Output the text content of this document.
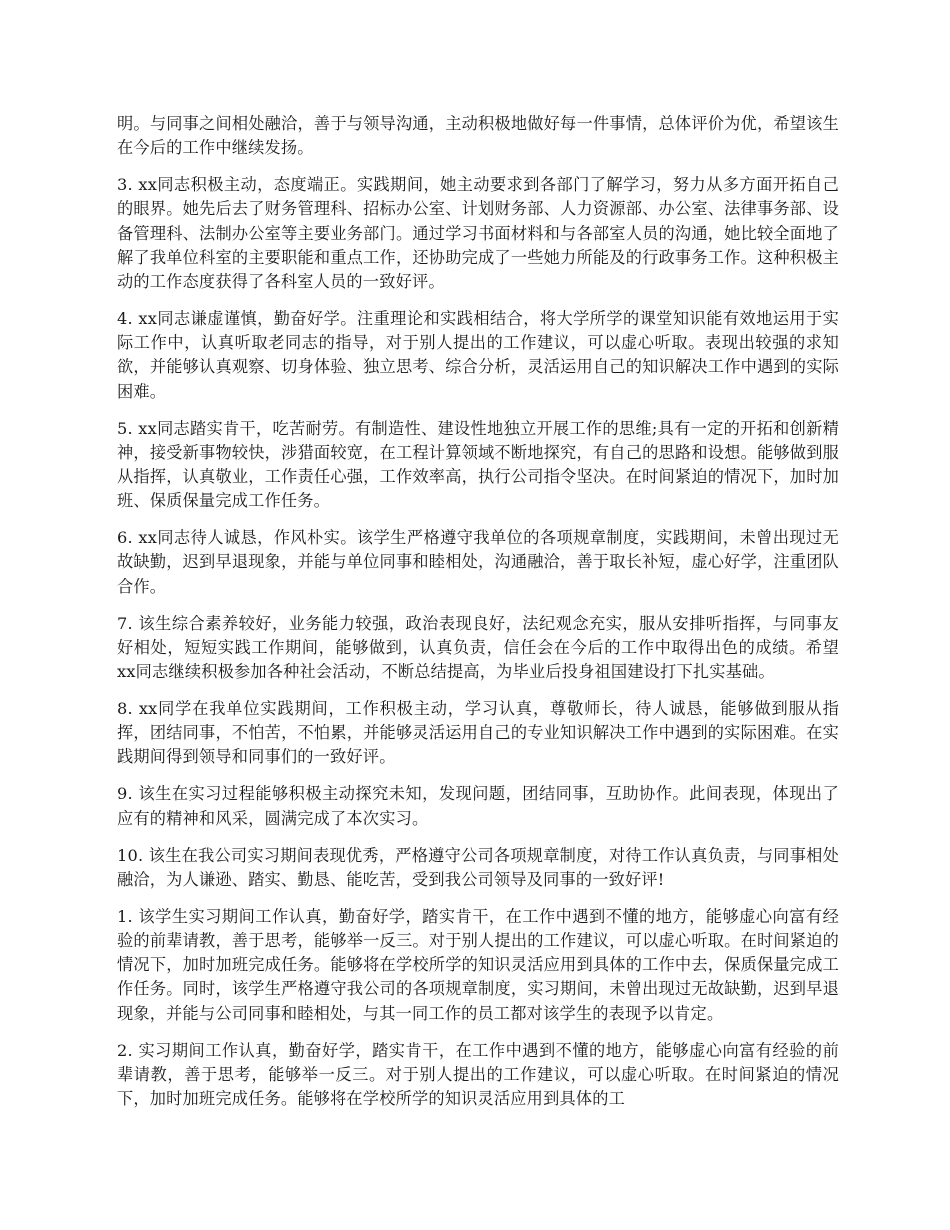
明。与同事之间相处融洽，善于与领导沟通，主动积极地做好每一件事情，总体评价为优，希望该生在今后的工作中继续发扬。

3. xx同志积极主动，态度端正。实践期间，她主动要求到各部门了解学习，努力从多方面开拓自己的眼界。她先后去了财务管理科、招标办公室、计划财务部、人力资源部、办公室、法律事务部、设备管理科、法制办公室等主要业务部门。通过学习书面材料和与各部室人员的沟通，她比较全面地了解了我单位科室的主要职能和重点工作，还协助完成了一些她力所能及的行政事务工作。这种积极主动的工作态度获得了各科室人员的一致好评。

4. xx同志谦虚谨慎，勤奋好学。注重理论和实践相结合，将大学所学的课堂知识能有效地运用于实际工作中，认真听取老同志的指导，对于别人提出的工作建议，可以虚心听取。表现出较强的求知欲，并能够认真观察、切身体验、独立思考、综合分析，灵活运用自己的知识解决工作中遇到的实际困难。

5. xx同志踏实肯干，吃苦耐劳。有制造性、建设性地独立开展工作的思维;具有一定的开拓和创新精神，接受新事物较快，涉猎面较宽，在工程计算领域不断地探究，有自己的思路和设想。能够做到服从指挥，认真敬业，工作责任心强，工作效率高，执行公司指令坚决。在时间紧迫的情况下，加时加班、保质保量完成工作任务。

6. xx同志待人诚恳，作风朴实。该学生严格遵守我单位的各项规章制度，实践期间，未曾出现过无故缺勤，迟到早退现象，并能与单位同事和睦相处，沟通融洽，善于取长补短，虚心好学，注重团队合作。

7. 该生综合素养较好，业务能力较强，政治表现良好，法纪观念充实，服从安排听指挥，与同事友好相处，短短实践工作期间，能够做到，认真负责，信任会在今后的工作中取得出色的成绩。希望xx同志继续积极参加各种社会活动，不断总结提高，为毕业后投身祖国建设打下扎实基础。

8. xx同学在我单位实践期间，工作积极主动，学习认真，尊敬师长，待人诚恳，能够做到服从指挥，团结同事，不怕苦，不怕累，并能够灵活运用自己的专业知识解决工作中遇到的实际困难。在实践期间得到领导和同事们的一致好评。

9. 该生在实习过程能够积极主动探究未知，发现问题，团结同事，互助协作。此间表现，体现出了应有的精神和风采，圆满完成了本次实习。

10. 该生在我公司实习期间表现优秀，严格遵守公司各项规章制度，对待工作认真负责，与同事相处融洽，为人谦逊、踏实、勤恳、能吃苦，受到我公司领导及同事的一致好评!

1. 该学生实习期间工作认真，勤奋好学，踏实肯干，在工作中遇到不懂的地方，能够虚心向富有经验的前辈请教，善于思考，能够举一反三。对于别人提出的工作建议，可以虚心听取。在时间紧迫的情况下，加时加班完成任务。能够将在学校所学的知识灵活应用到具体的工作中去，保质保量完成工作任务。同时，该学生严格遵守我公司的各项规章制度，实习期间，未曾出现过无故缺勤，迟到早退现象，并能与公司同事和睦相处，与其一同工作的员工都对该学生的表现予以肯定。

2. 实习期间工作认真，勤奋好学，踏实肯干，在工作中遇到不懂的地方，能够虚心向富有经验的前辈请教，善于思考，能够举一反三。对于别人提出的工作建议，可以虚心听取。在时间紧迫的情况下，加时加班完成任务。能够将在学校所学的知识灵活应用到具体的工
